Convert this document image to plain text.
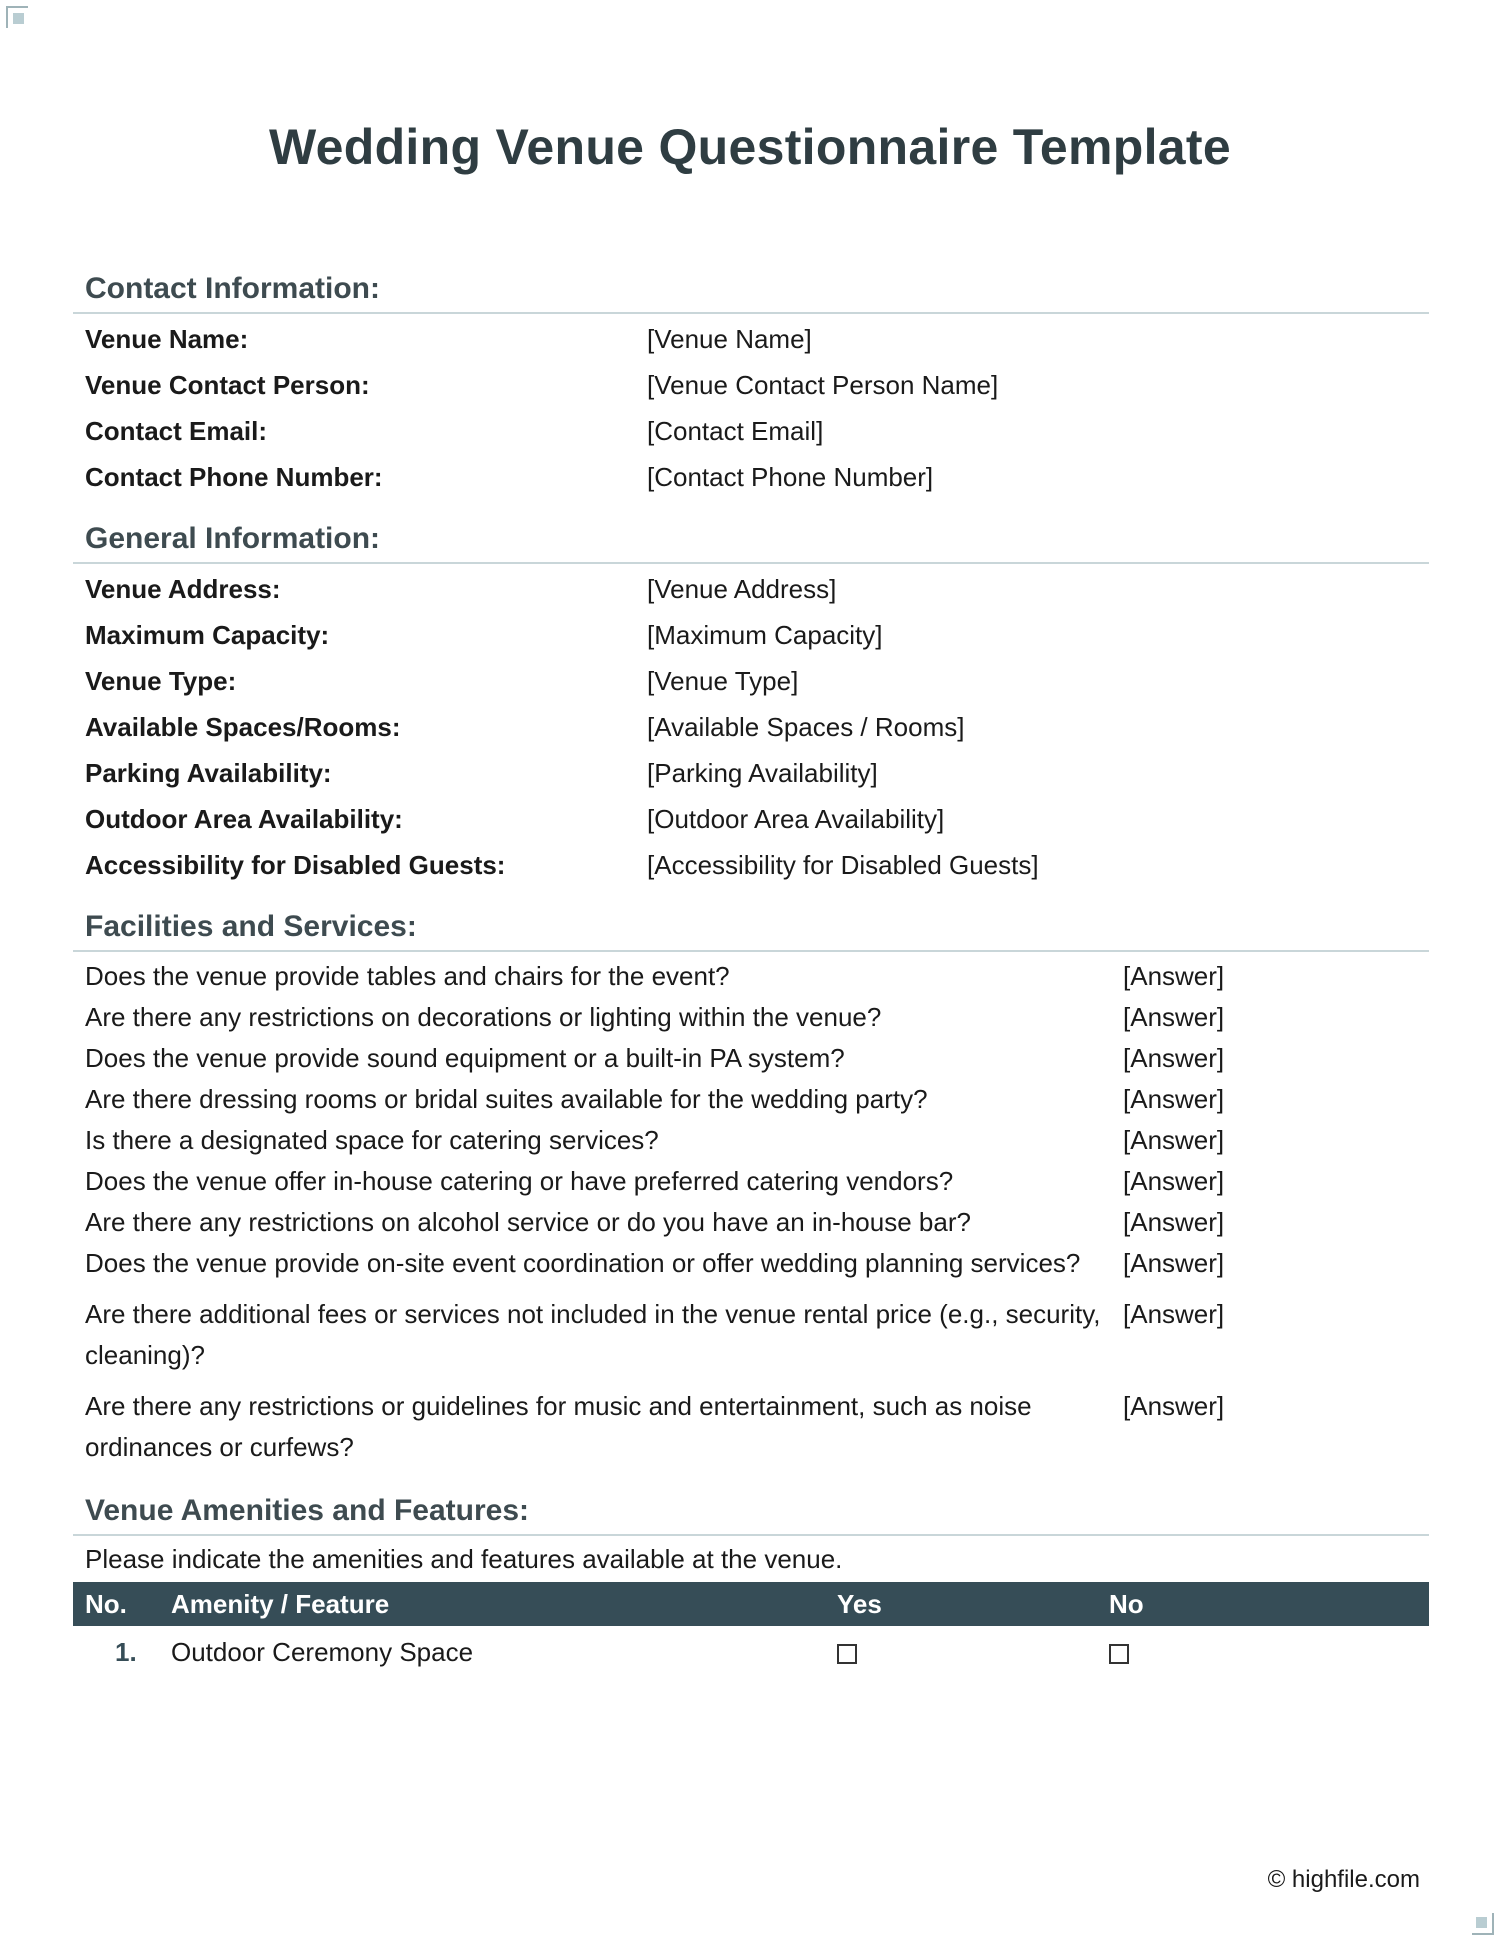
Wedding Venue Questionnaire Template
Contact Information:
Venue Name:	[Venue Name]
Venue Contact Person:	[Venue Contact Person Name]
Contact Email:	[Contact Email]
Contact Phone Number:	[Contact Phone Number]
General Information:
Venue Address:	[Venue Address]
Maximum Capacity:	[Maximum Capacity]
Venue Type:	[Venue Type]
Available Spaces/Rooms:	[Available Spaces / Rooms]
Parking Availability:	[Parking Availability]
Outdoor Area Availability:	[Outdoor Area Availability]
Accessibility for Disabled Guests:	[Accessibility for Disabled Guests]
Facilities and Services:
Does the venue provide tables and chairs for the event?	[Answer]
Are there any restrictions on decorations or lighting within the venue?	[Answer]
Does the venue provide sound equipment or a built-in PA system?	[Answer]
Are there dressing rooms or bridal suites available for the wedding party?	[Answer]
Is there a designated space for catering services?	[Answer]
Does the venue offer in-house catering or have preferred catering vendors?	[Answer]
Are there any restrictions on alcohol service or do you have an in-house bar?	[Answer]
Does the venue provide on-site event coordination or offer wedding planning services?	[Answer]
Are there additional fees or services not included in the venue rental price (e.g., security, cleaning)?
[Answer]
Are there any restrictions or guidelines for music and entertainment, such as noise ordinances or curfews?
[Answer]
Venue Amenities and Features:
Please indicate the amenities and features available at the venue.
No.	Amenity / Feature	Yes	No
1.	Outdoor Ceremony Space		
© highfile.com
